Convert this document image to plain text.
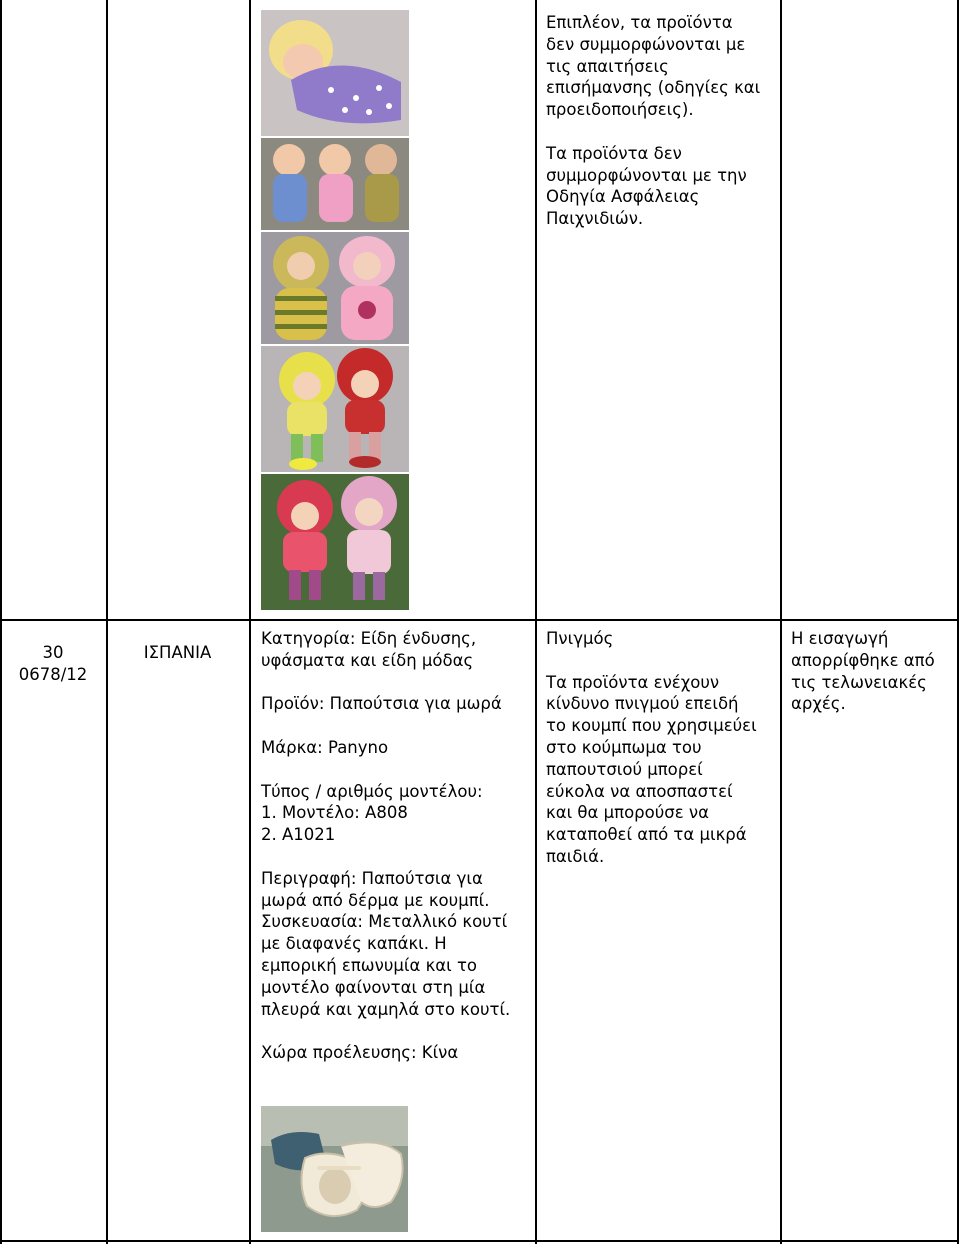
Επιπλέον, τα προϊόντα
δεν συμμορφώνονται με
τις απαιτήσεις
επισήμανσης (οδηγίες και
προειδοποιήσεις).

Τα προϊόντα δεν
συμμορφώνονται με την
Οδηγία Ασφάλειας
Παιχνιδιών.

30

0678/12

ΙΣΠΑΝΙΑ

Κατηγορία: Είδη ένδυσης,
υφάσματα και είδη μόδας

Προϊόν: Παπούτσια για μωρά

Μάρκα: Panyno

Τύπος / αριθμός μοντέλου:
1. Μοντέλο: A808
2. A1021

Περιγραφή: Παπούτσια για
μωρά από δέρμα με κουμπί.
Συσκευασία: Μεταλλικό κουτί
με διαφανές καπάκι. Η
εμπορική επωνυμία και το
μοντέλο φαίνονται στη μία
πλευρά και χαμηλά στο κουτί.

Χώρα προέλευσης: Κίνα

Πνιγμός

Τα προϊόντα ενέχουν
κίνδυνο πνιγμού επειδή
το κουμπί που χρησιμεύει
στο κούμπωμα του
παπουτσιού μπορεί
εύκολα να αποσπαστεί
και θα μπορούσε να
καταποθεί από τα μικρά
παιδιά.

Η εισαγωγή
απορρίφθηκε από
τις τελωνειακές
αρχές.
